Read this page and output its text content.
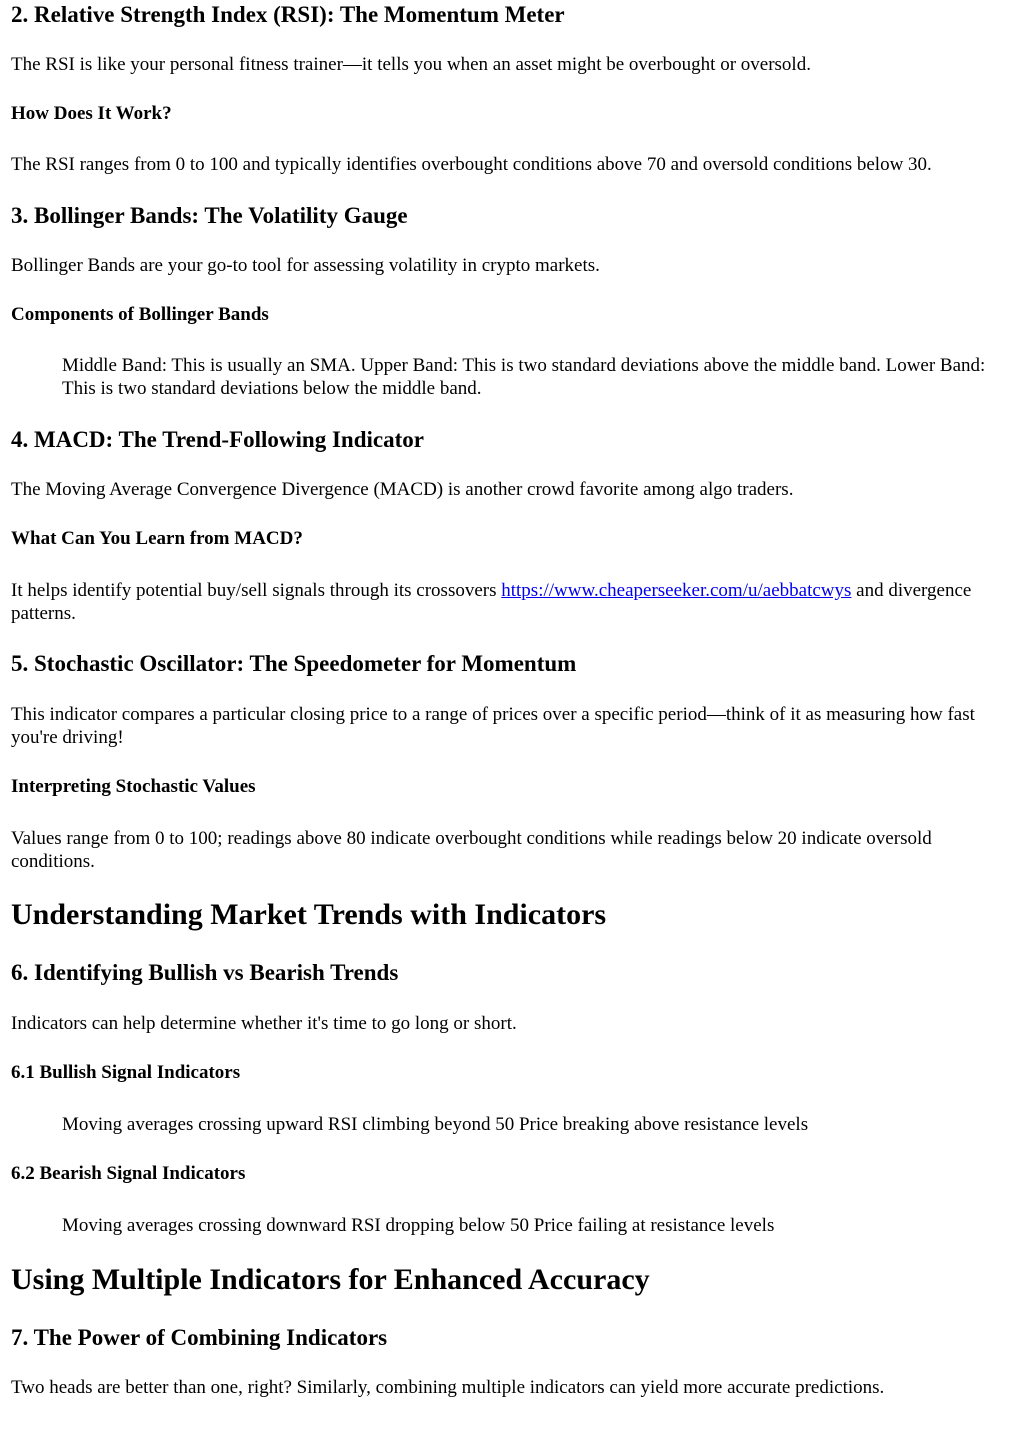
2. Relative Strength Index (RSI): The Momentum Meter

The RSI is like your personal fitness trainer—it tells you when an asset might be overbought or oversold.

How Does It Work?

The RSI ranges from 0 to 100 and typically identifies overbought conditions above 70 and oversold conditions below 30.

3. Bollinger Bands: The Volatility Gauge

Bollinger Bands are your go-to tool for assessing volatility in crypto markets.

Components of Bollinger Bands
Middle Band: This is usually an SMA. Upper Band: This is two standard deviations above the middle band. Lower Band: This is two standard deviations below the middle band.
4. MACD: The Trend-Following Indicator

The Moving Average Convergence Divergence (MACD) is another crowd favorite among algo traders.

What Can You Learn from MACD?

It helps identify potential buy/sell signals through its crossovers https://www.cheaperseeker.com/u/aebbatcwys and divergence patterns.

5. Stochastic Oscillator: The Speedometer for Momentum

This indicator compares a particular closing price to a range of prices over a specific period—think of it as measuring how fast you're driving!

Interpreting Stochastic Values

Values range from 0 to 100; readings above 80 indicate overbought conditions while readings below 20 indicate oversold conditions.

Understanding Market Trends with Indicators
6. Identifying Bullish vs Bearish Trends

Indicators can help determine whether it's time to go long or short.

6.1 Bullish Signal Indicators
Moving averages crossing upward RSI climbing beyond 50 Price breaking above resistance levels
6.2 Bearish Signal Indicators
Moving averages crossing downward RSI dropping below 50 Price failing at resistance levels
Using Multiple Indicators for Enhanced Accuracy
7. The Power of Combining Indicators

Two heads are better than one, right? Similarly, combining multiple indicators can yield more accurate predictions.
